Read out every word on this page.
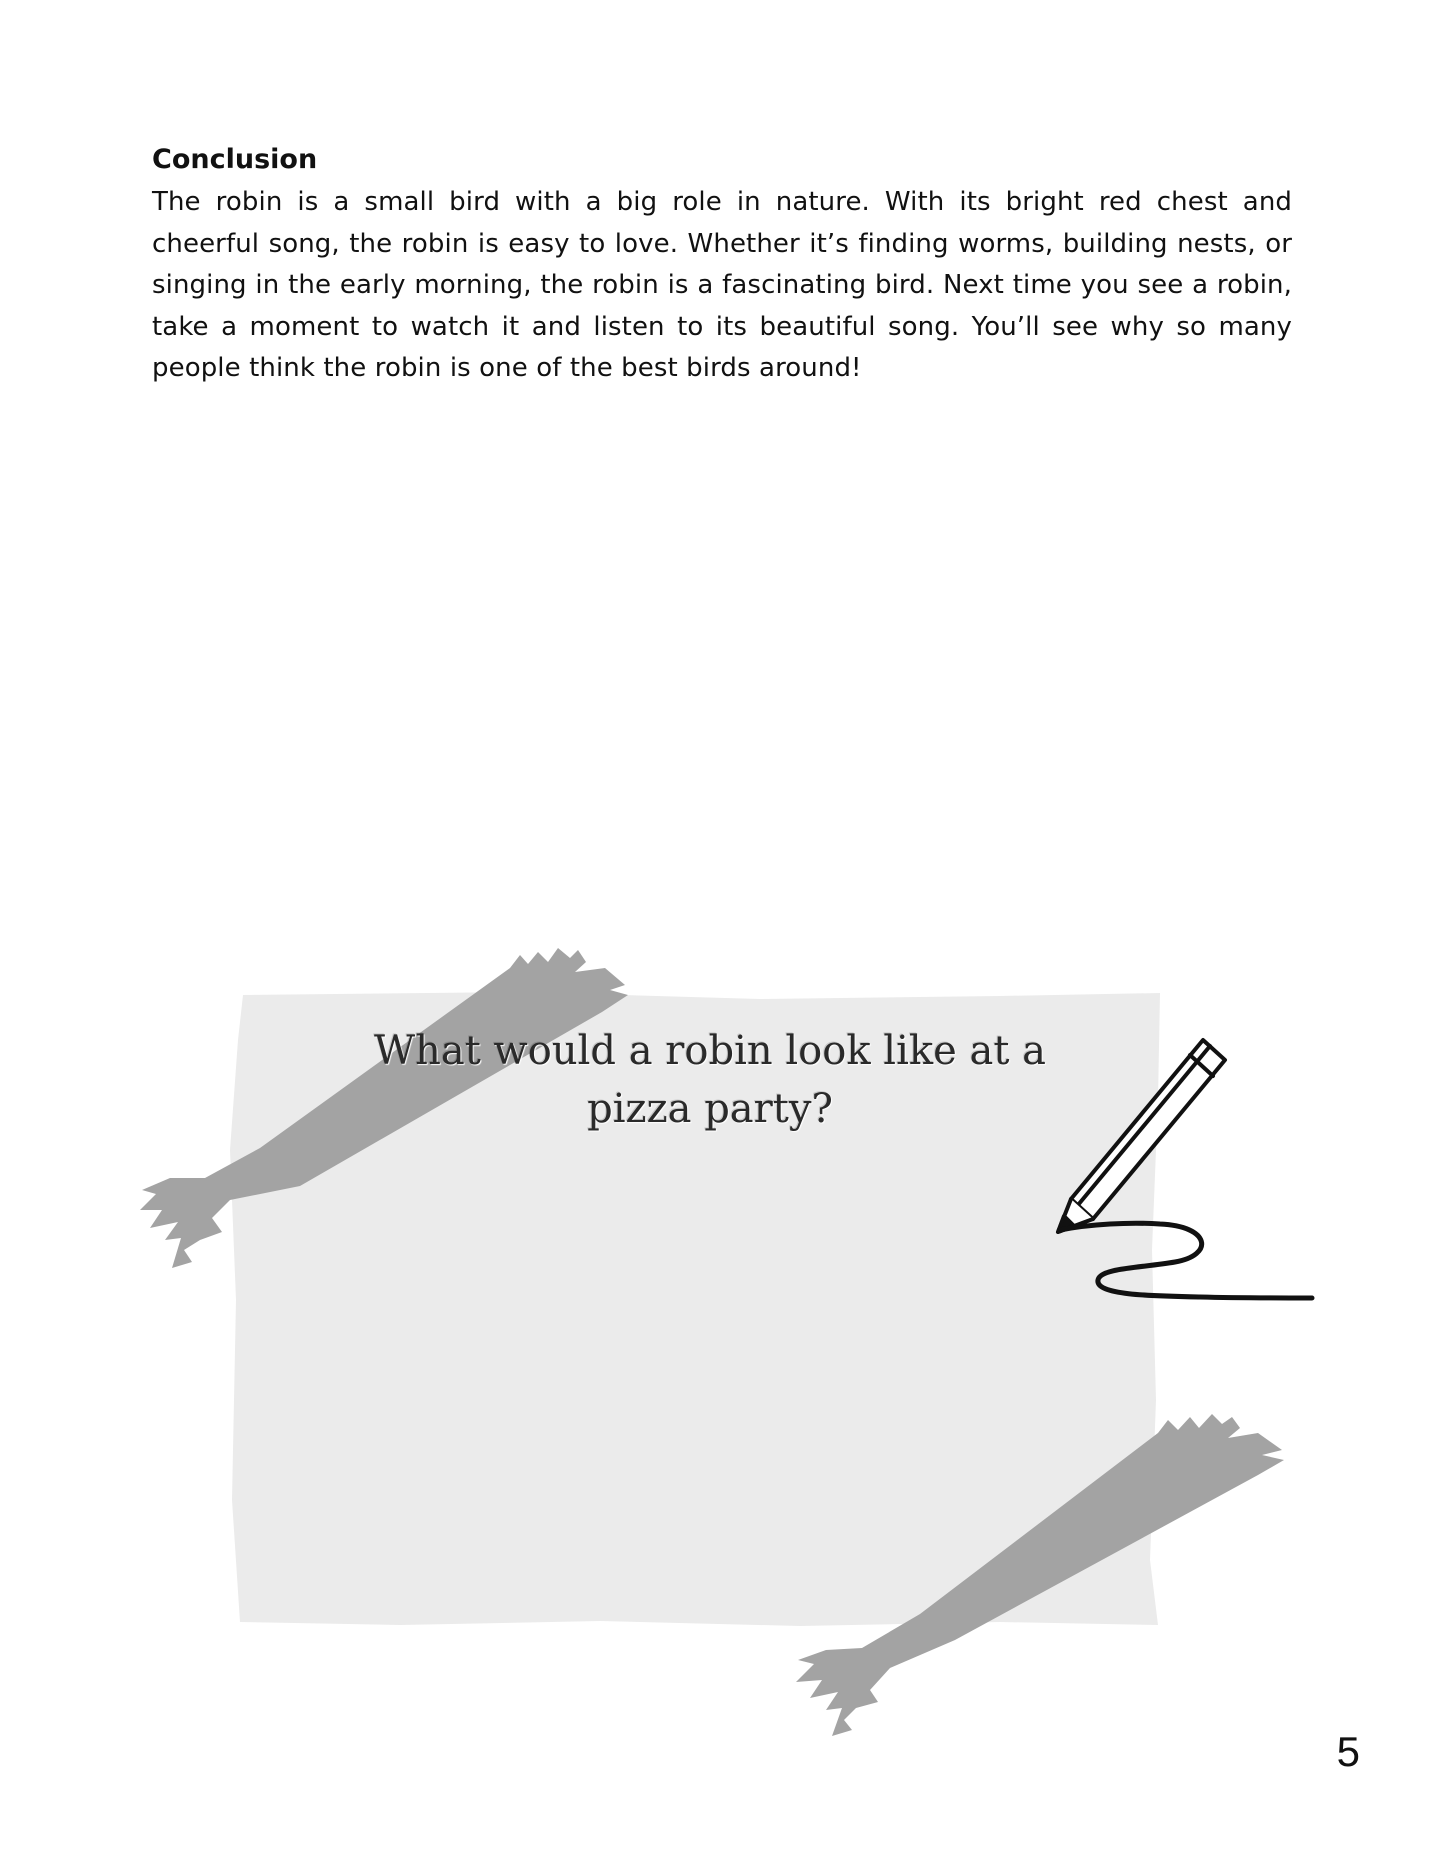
Conclusion

The robin is a small bird with a big role in nature. With its bright red chest and cheerful song, the robin is easy to love. Whether it’s finding worms, building nests, or singing in the early morning, the robin is a fascinating bird. Next time you see a robin, take a moment to watch it and listen to its beautiful song. You’ll see why so many people think the robin is one of the best birds around!

What would a robin look like at a pizza party?
5
